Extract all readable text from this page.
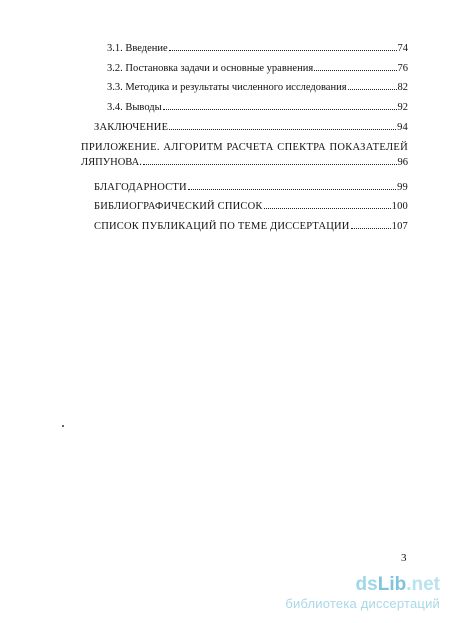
3.1. Введение	74
3.2. Постановка задачи и основные уравнения	76
3.3. Методика и результаты численного исследования	82
3.4. Выводы	92
ЗАКЛЮЧЕНИЕ	94
ПРИЛОЖЕНИЕ. АЛГОРИТМ РАСЧЕТА СПЕКТРА ПОКАЗАТЕЛЕЙ
ЛЯПУНОВА.	96
БЛАГОДАРНОСТИ	99
БИБЛИОГРАФИЧЕСКИЙ СПИСОК	100
СПИСОК ПУБЛИКАЦИЙ ПО ТЕМЕ ДИССЕРТАЦИИ	107
3
dsLib.net
библиотека диссертаций
